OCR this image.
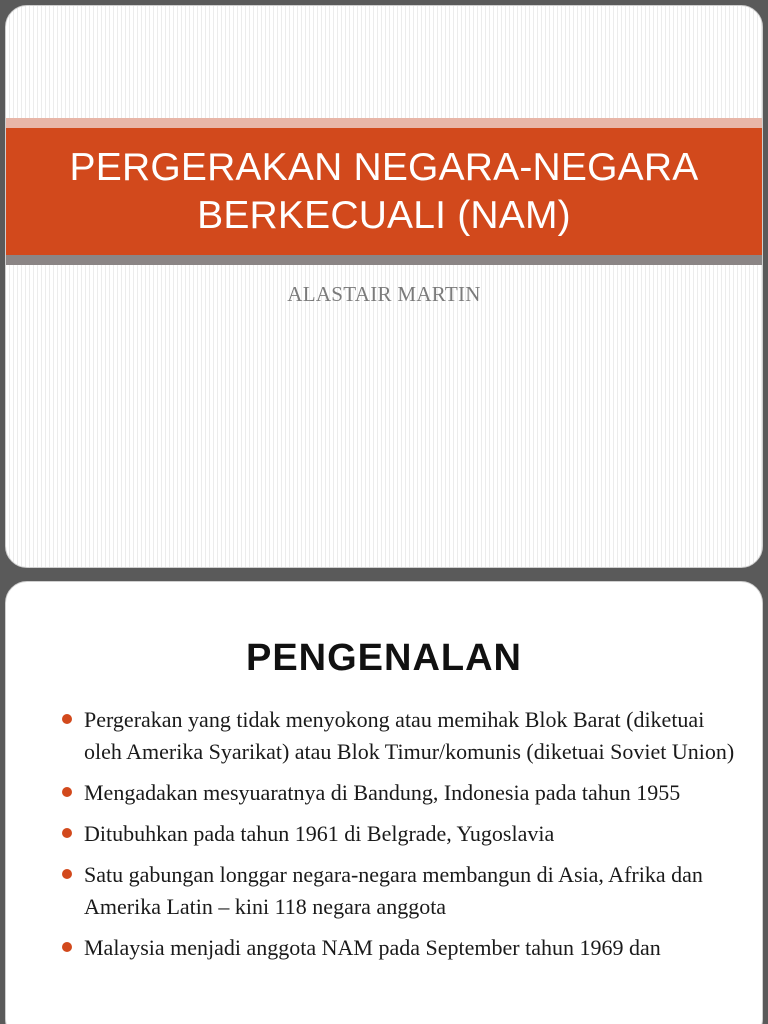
PERGERAKAN NEGARA-NEGARA
BERKECUALI (NAM)
ALASTAIR MARTIN
PENGENALAN
Pergerakan yang tidak menyokong atau memihak Blok Barat (diketuai oleh Amerika Syarikat) atau Blok Timur/komunis (diketuai Soviet Union)
Mengadakan mesyuaratnya di Bandung, Indonesia pada tahun 1955
Ditubuhkan pada tahun 1961 di Belgrade, Yugoslavia
Satu gabungan longgar negara-negara membangun di Asia, Afrika dan Amerika Latin – kini 118 negara anggota
Malaysia menjadi anggota NAM pada September tahun 1969 dan
